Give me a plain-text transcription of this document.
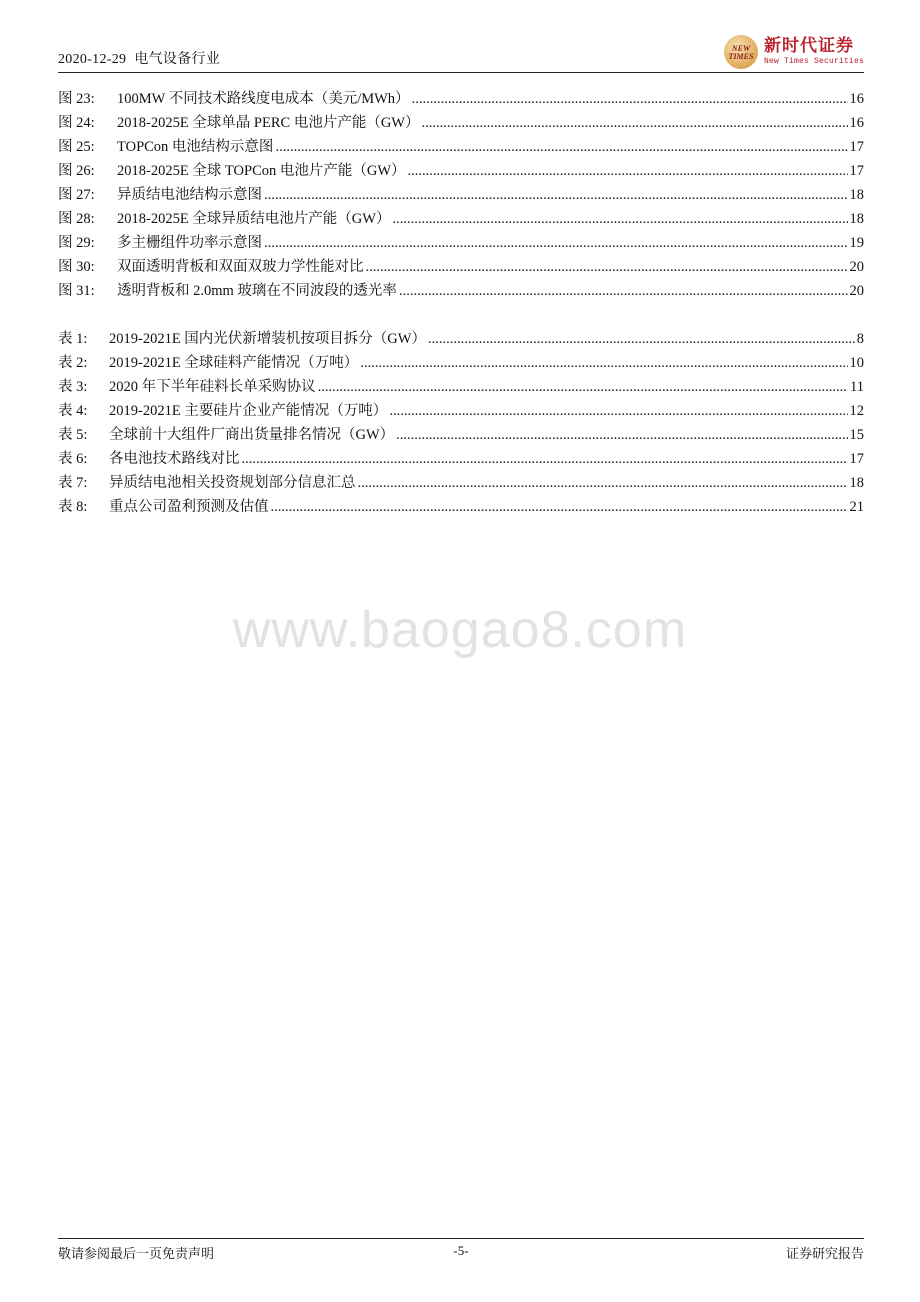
2020-12-29 电气设备行业
NEW
TIMES
新时代证券
New Times Securities
图 23:	100MW 不同技术路线度电成本（美元/MWh） .....	16
图 24:	2018-2025E 全球单晶 PERC 电池片产能（GW） .....	16
图 25:	TOPCon 电池结构示意图 .....	17
图 26:	2018-2025E 全球 TOPCon 电池片产能（GW） .....	17
图 27:	异质结电池结构示意图 .....	18
图 28:	2018-2025E 全球异质结电池片产能（GW） .....	18
图 29:	多主栅组件功率示意图 .....	19
图 30:	双面透明背板和双面双玻力学性能对比 .....	20
图 31:	透明背板和 2.0mm 玻璃在不同波段的透光率 .....	20
表 1:	2019-2021E 国内光伏新增装机按项目拆分（GW） .....	8
表 2:	2019-2021E 全球硅料产能情况（万吨） .....	10
表 3:	2020 年下半年硅料长单采购协议 .....	11
表 4:	2019-2021E 主要硅片企业产能情况（万吨） .....	12
表 5:	全球前十大组件厂商出货量排名情况（GW） .....	15
表 6:	各电池技术路线对比 .....	17
表 7:	异质结电池相关投资规划部分信息汇总 .....	18
表 8:	重点公司盈利预测及估值 .....	21
www.baogao8.com
敬请参阅最后一页免责声明	-5-	证券研究报告
